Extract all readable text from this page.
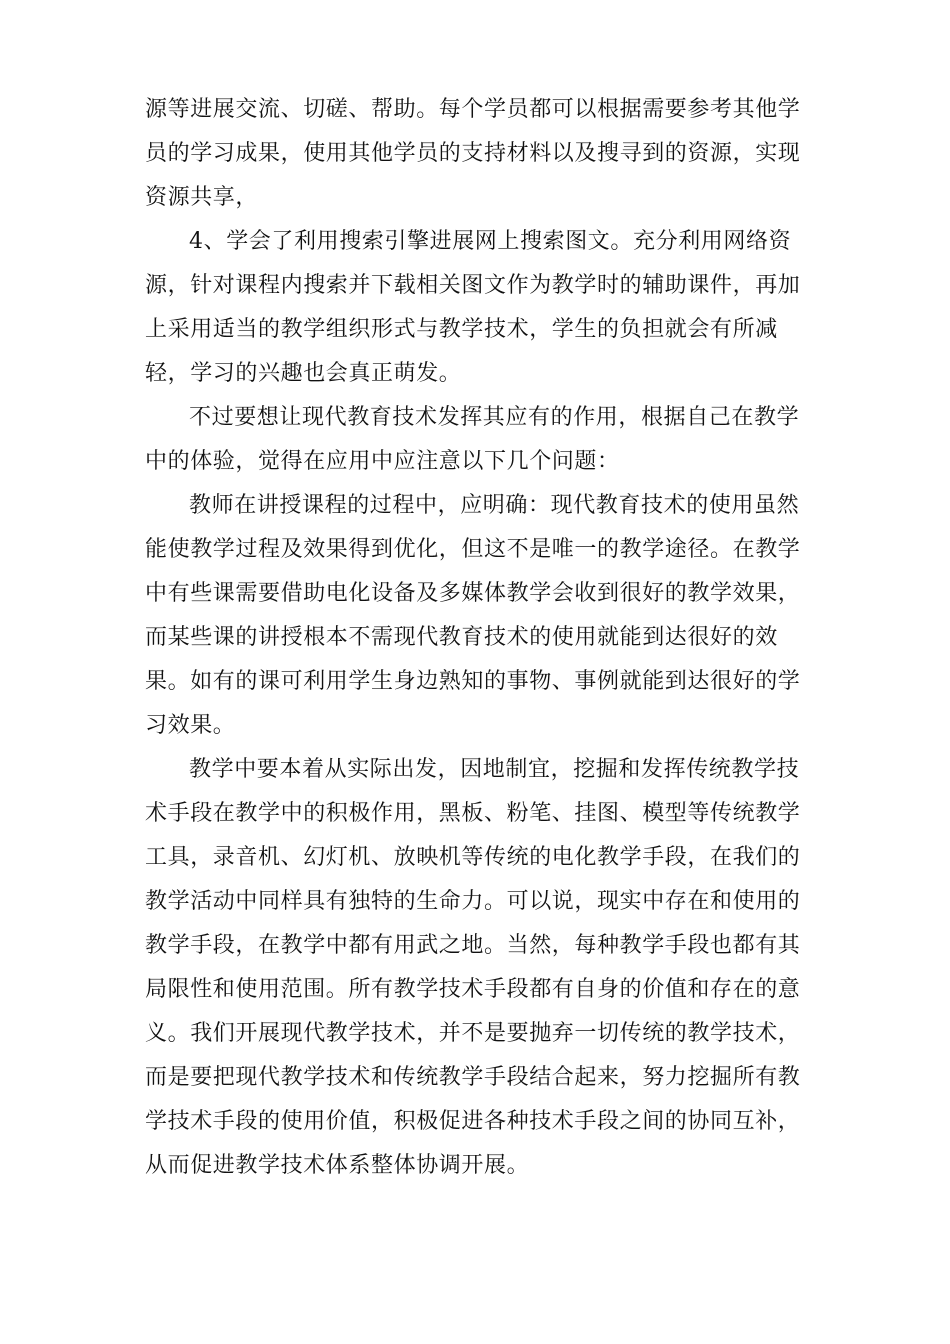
源等进展交流、切磋、帮助。每个学员都可以根据需要参考其他学
员的学习成果，使用其他学员的支持材料以及搜寻到的资源，实现
资源共享，
4、学会了利用搜索引擎进展网上搜索图文。充分利用网络资
源，针对课程内搜索并下载相关图文作为教学时的辅助课件，再加
上采用适当的教学组织形式与教学技术，学生的负担就会有所减
轻，学习的兴趣也会真正萌发。
不过要想让现代教育技术发挥其应有的作用，根据自己在教学
中的体验，觉得在应用中应注意以下几个问题：
教师在讲授课程的过程中，应明确：现代教育技术的使用虽然
能使教学过程及效果得到优化，但这不是唯一的教学途径。在教学
中有些课需要借助电化设备及多媒体教学会收到很好的教学效果，
而某些课的讲授根本不需现代教育技术的使用就能到达很好的效
果。如有的课可利用学生身边熟知的事物、事例就能到达很好的学
习效果。
教学中要本着从实际出发，因地制宜，挖掘和发挥传统教学技
术手段在教学中的积极作用，黑板、粉笔、挂图、模型等传统教学
工具，录音机、幻灯机、放映机等传统的电化教学手段，在我们的
教学活动中同样具有独特的生命力。可以说，现实中存在和使用的
教学手段，在教学中都有用武之地。当然，每种教学手段也都有其
局限性和使用范围。所有教学技术手段都有自身的价值和存在的意
义。我们开展现代教学技术，并不是要抛弃一切传统的教学技术，
而是要把现代教学技术和传统教学手段结合起来，努力挖掘所有教
学技术手段的使用价值，积极促进各种技术手段之间的协同互补，
从而促进教学技术体系整体协调开展。
